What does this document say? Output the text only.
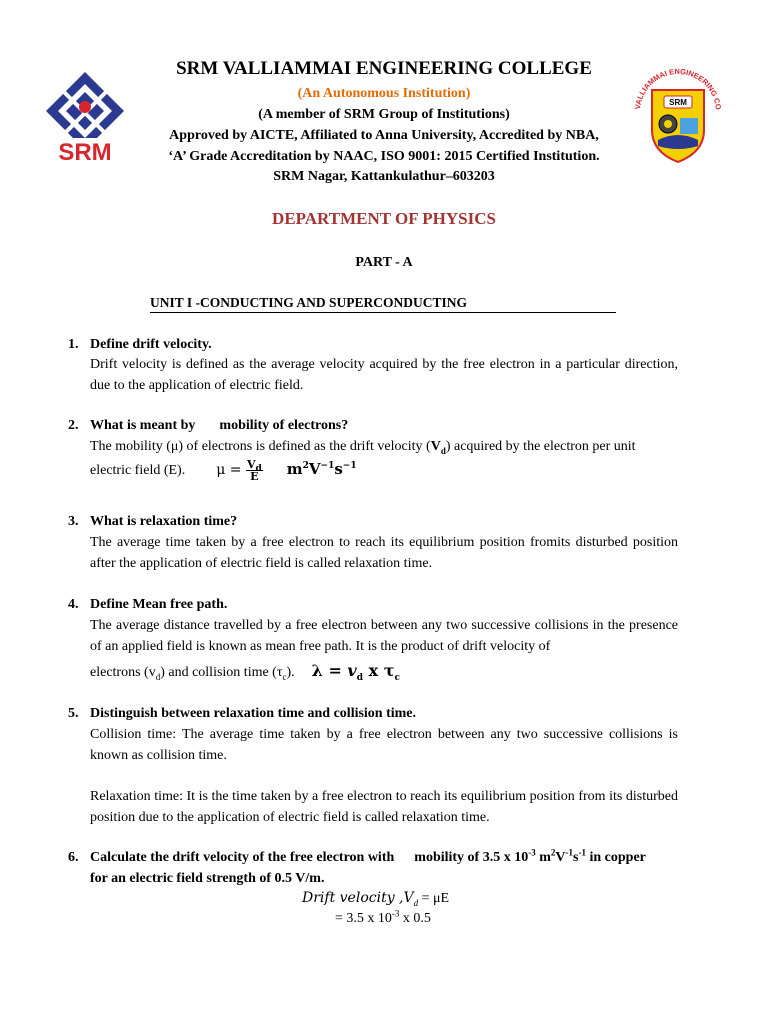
SRM
VALLIAMMAI ENGINEERING CO
SRM
SRM VALLIAMMAI ENGINEERING COLLEGE
(An Autonomous Institution)
(A member of SRM Group of Institutions)
Approved by AICTE, Affiliated to Anna University, Accredited by NBA,
‘A’ Grade Accreditation by NAAC, ISO 9001: 2015 Certified Institution.
SRM Nagar, Kattankulathur–603203
DEPARTMENT OF PHYSICS
PART - A
UNIT I -CONDUCTING AND SUPERCONDUCTING
1. Define drift velocity.
Drift velocity is defined as the average velocity acquired by the free electron in a particular direction, due to the application of electric field.
2. What is meant by mobility of electrons?
The mobility (μ) of electrons is defined as the drift velocity $(V_d)$ acquired by the electron per unit
electric field (E). $\mu = \frac{V_d}{E} m^2V^{-1}s^{-1}$
3. What is relaxation time?
The average time taken by a free electron to reach its equilibrium position fromits disturbed position after the application of electric field is called relaxation time.
4. Define Mean free path.
The average distance travelled by a free electron between any two successive collisions in the presence of an applied field is known as mean free path. It is the product of drift velocity of
electrons $(v_d)$ and collision time $(\tau_c)$. $\lambda = v_d$ x $\tau_c$
5. Distinguish between relaxation time and collision time.
Collision time: The average time taken by a free electron between any two successive collisions is known as collision time.
Relaxation time: It is the time taken by a free electron to reach its equilibrium position from its disturbed position due to the application of electric field is called relaxation time.
6. Calculate the drift velocity of the free electron with mobility of 3.5 x $10^{-3}$ $m^2V^{-1}s^{-1}$ in copper
for an electric field strength of 0.5 V/m.
Drift velocity $,V_d = \mu E$
= 3.5 x $10^{-3}$ x 0.5
